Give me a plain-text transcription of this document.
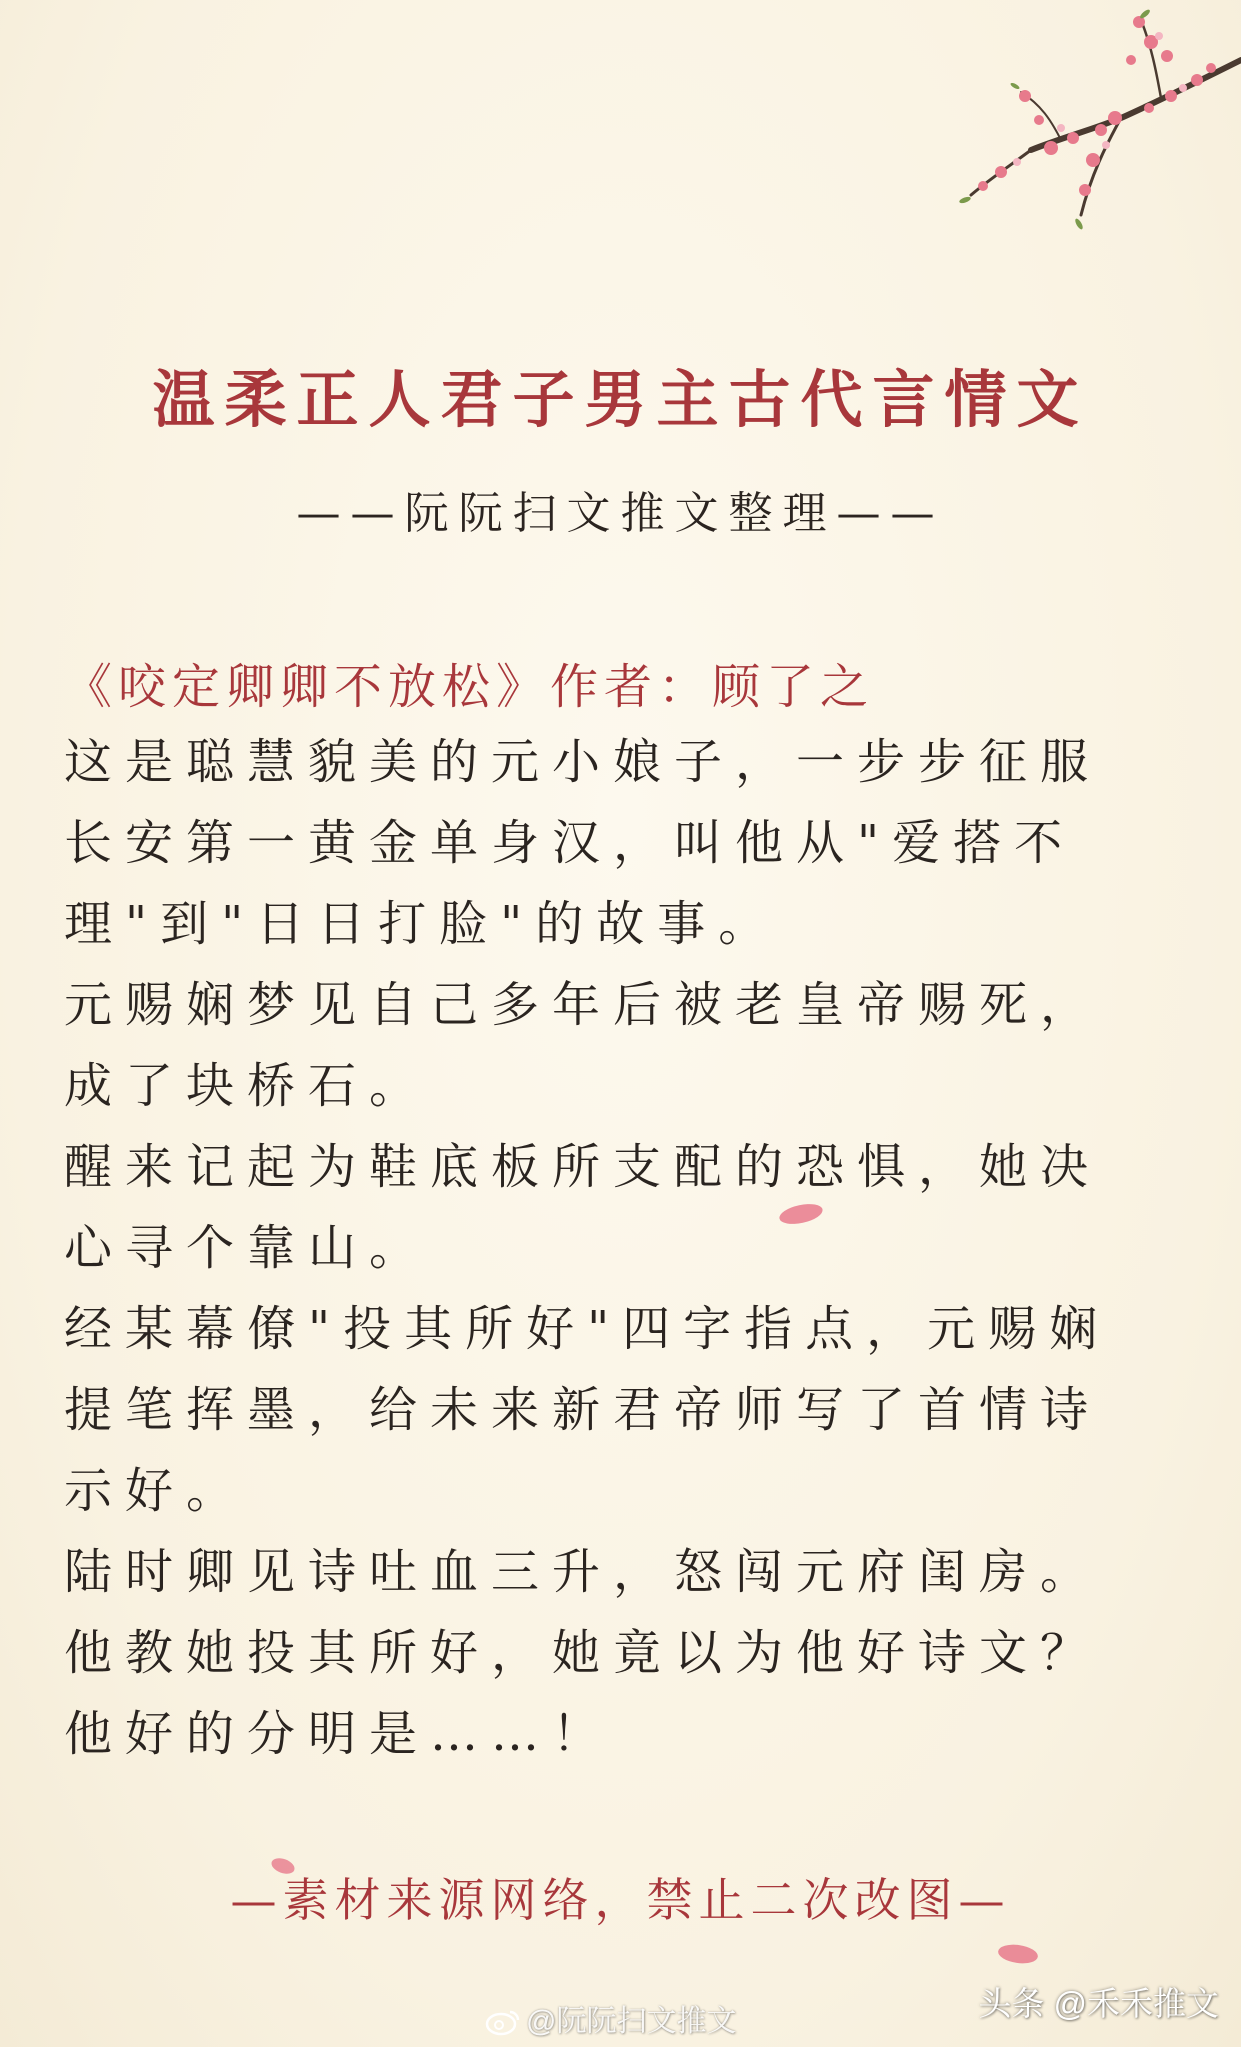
温柔正人君子男主古代言情文
——阮阮扫文推文整理——
《咬定卿卿不放松》作者：顾了之
这是聪慧貌美的元小娘子，一步步征服
长安第一黄金单身汉，叫他从"爱搭不
理"到"日日打脸"的故事。
元赐娴梦见自己多年后被老皇帝赐死，
成了块桥石。
醒来记起为鞋底板所支配的恐惧，她决
心寻个靠山。
经某幕僚"投其所好"四字指点，元赐娴
提笔挥墨，给未来新君帝师写了首情诗
示好。
陆时卿见诗吐血三升，怒闯元府闺房。
他教她投其所好，她竟以为他好诗文？
他好的分明是……！
—素材来源网络，禁止二次改图—
@阮阮扫文推文	头条 @禾禾推文
